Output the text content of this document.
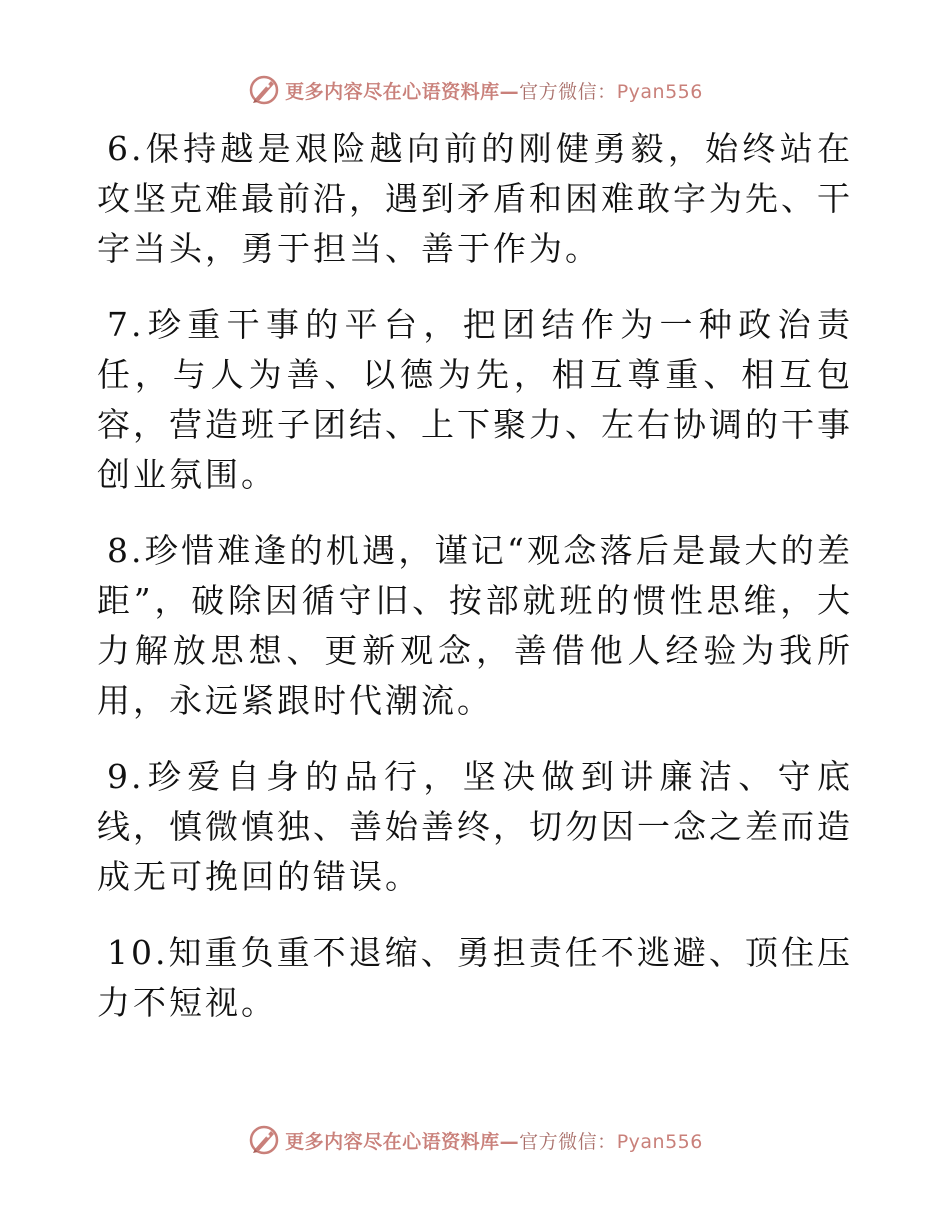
更多内容尽在心语资料库—官方微信：Pyan556

6.保持越是艰险越向前的刚健勇毅，始终站在攻坚克难最前沿，遇到矛盾和困难敢字为先、干字当头，勇于担当、善于作为。

7.珍重干事的平台，把团结作为一种政治责任，与人为善、以德为先，相互尊重、相互包容，营造班子团结、上下聚力、左右协调的干事创业氛围。

8.珍惜难逢的机遇，谨记“观念落后是最大的差距”，破除因循守旧、按部就班的惯性思维，大力解放思想、更新观念，善借他人经验为我所用，永远紧跟时代潮流。

9.珍爱自身的品行，坚决做到讲廉洁、守底线，慎微慎独、善始善终，切勿因一念之差而造成无可挽回的错误。

10.知重负重不退缩、勇担责任不逃避、顶住压力不短视。

更多内容尽在心语资料库—官方微信：Pyan556
